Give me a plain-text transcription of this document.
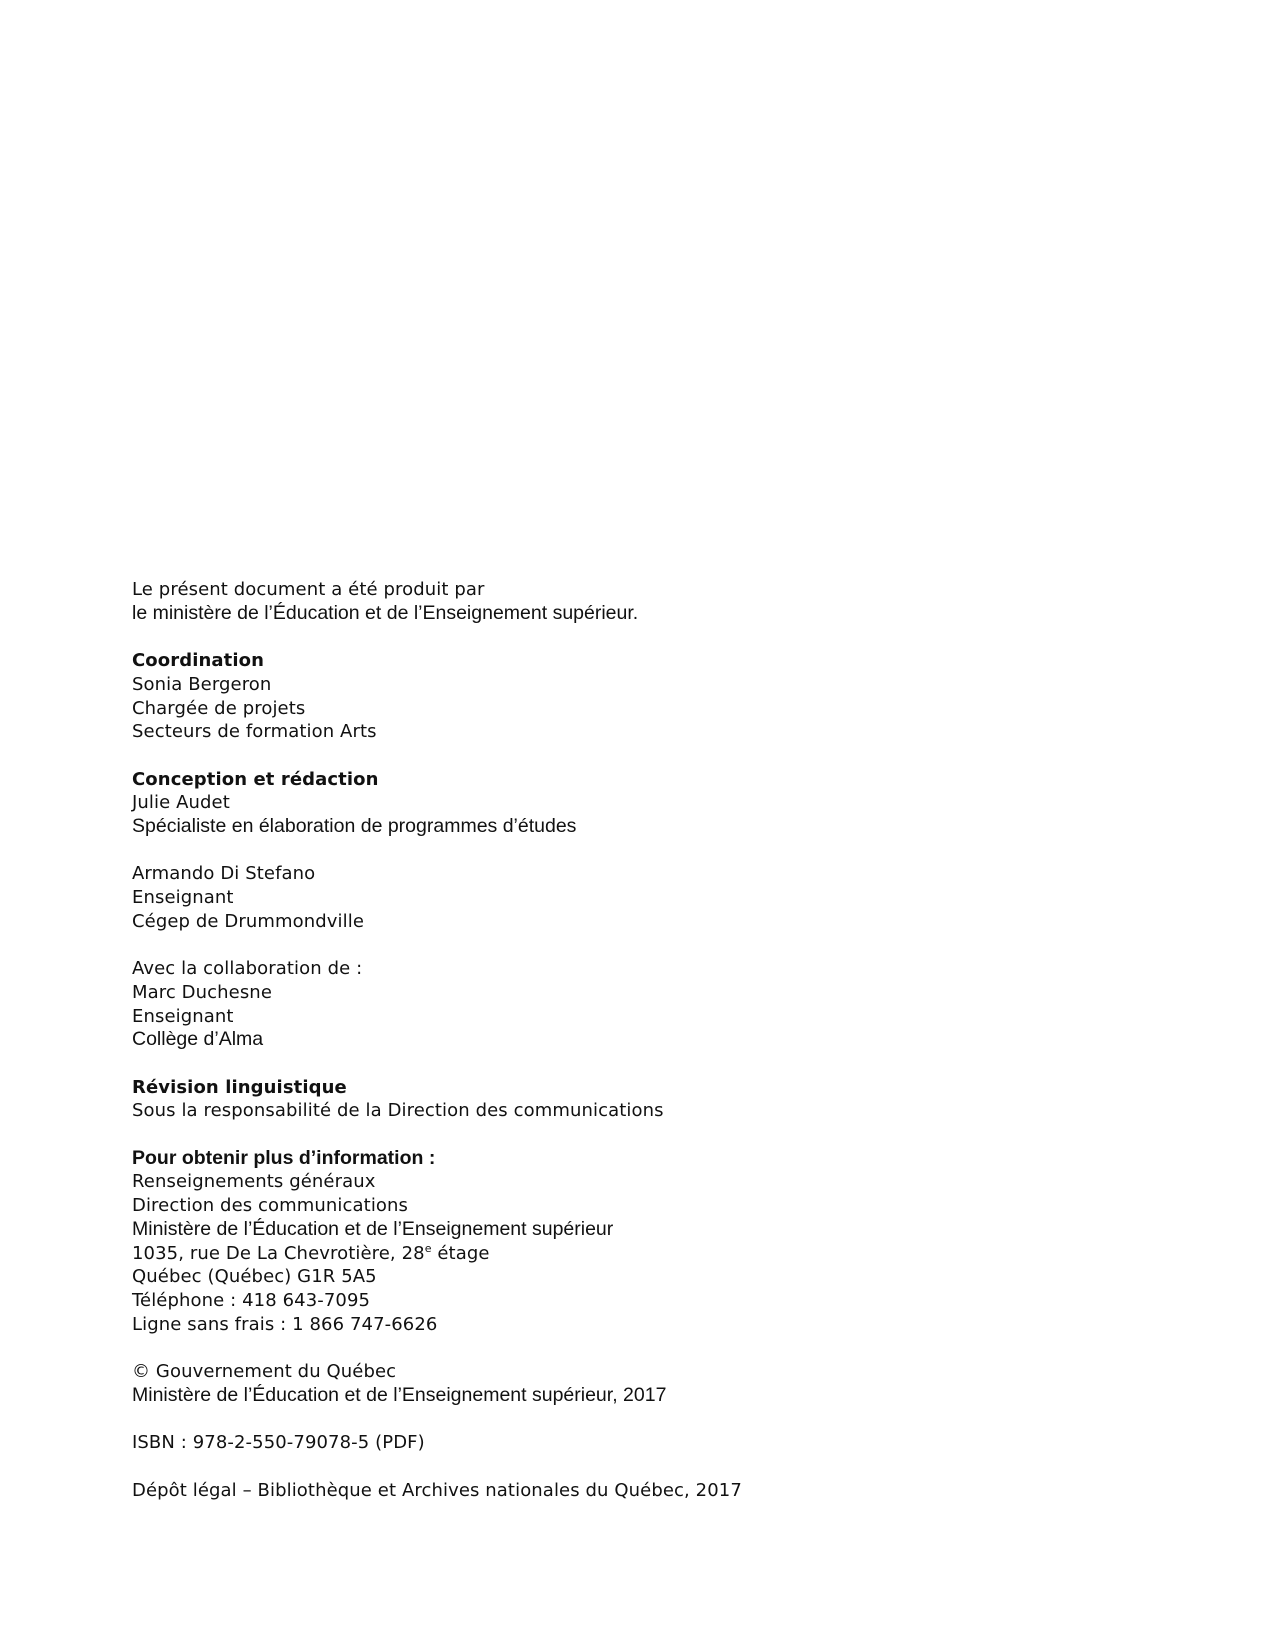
Le présent document a été produit par
le ministère de l’Éducation et de l’Enseignement supérieur.
Coordination
Sonia Bergeron
Chargée de projets
Secteurs de formation Arts
Conception et rédaction
Julie Audet
Spécialiste en élaboration de programmes d’études
Armando Di Stefano
Enseignant
Cégep de Drummondville
Avec la collaboration de :
Marc Duchesne
Enseignant
Collège d’Alma
Révision linguistique
Sous la responsabilité de la Direction des communications
Pour obtenir plus d’information :
Renseignements généraux
Direction des communications
Ministère de l’Éducation et de l’Enseignement supérieur
1035, rue De La Chevrotière, 28e étage
Québec (Québec) G1R 5A5
Téléphone : 418 643-7095
Ligne sans frais : 1 866 747-6626
© Gouvernement du Québec
Ministère de l’Éducation et de l’Enseignement supérieur, 2017
ISBN : 978-2-550-79078-5 (PDF)
Dépôt légal – Bibliothèque et Archives nationales du Québec, 2017
